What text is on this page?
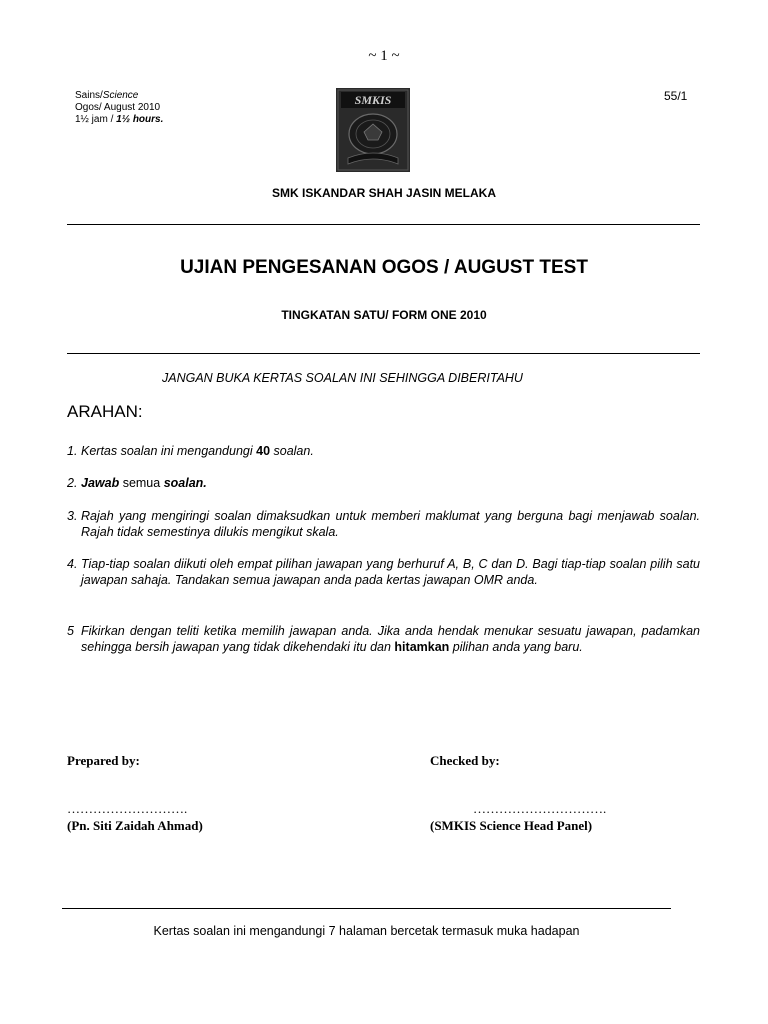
~ 1 ~
Sains/Science
Ogos/ August 2010
1½ jam / 1½ hours.
55/1
SMKIS
SMK ISKANDAR SHAH JASIN MELAKA
UJIAN PENGESANAN OGOS / AUGUST TEST
TINGKATAN SATU/ FORM ONE 2010
JANGAN BUKA KERTAS SOALAN INI SEHINGGA DIBERITAHU
ARAHAN:
1. Kertas soalan ini mengandungi 40 soalan.
2. Jawab semua soalan.
3. Rajah yang mengiringi soalan dimaksudkan untuk memberi maklumat yang berguna bagi menjawab soalan. Rajah tidak semestinya dilukis mengikut skala.
4. Tiap-tiap soalan diikuti oleh empat pilihan jawapan yang berhuruf A, B, C dan D. Bagi tiap-tiap soalan pilih satu jawapan sahaja. Tandakan semua jawapan anda pada kertas jawapan OMR anda.
5 Fikirkan dengan teliti ketika memilih jawapan anda. Jika anda hendak menukar sesuatu jawapan, padamkan sehingga bersih jawapan yang tidak dikehendaki itu dan hitamkan pilihan anda yang baru.
Prepared by:	Checked by:
……………………….	………………………….
(Pn. Siti Zaidah Ahmad)	(SMKIS Science Head Panel)
Kertas soalan ini mengandungi 7 halaman bercetak termasuk muka hadapan
